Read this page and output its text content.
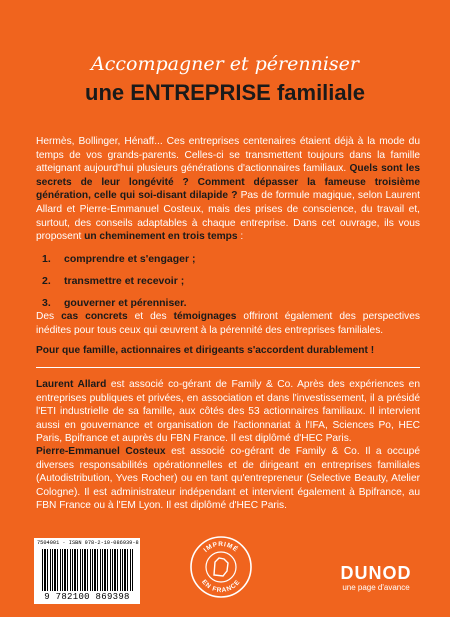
Accompagner et pérenniser
une ENTREPRISE familiale
Hermès, Bollinger, Hénaff... Ces entreprises centenaires étaient déjà à la mode du temps de vos grands-parents. Celles-ci se transmettent toujours dans la famille atteignant aujourd'hui plusieurs générations d'actionnaires familiaux. Quels sont les secrets de leur longévité ? Comment dépasser la fameuse troisième génération, celle qui soi-disant dilapide ? Pas de formule magique, selon Laurent Allard et Pierre-Emmanuel Costeux, mais des prises de conscience, du travail et, surtout, des conseils adaptables à chaque entreprise. Dans cet ouvrage, ils vous proposent un cheminement en trois temps :
1. comprendre et s'engager ;
2. transmettre et recevoir ;
3. gouverner et pérenniser.
Des cas concrets et des témoignages offriront également des perspectives inédites pour tous ceux qui œuvrent à la pérennité des entreprises familiales.
Pour que famille, actionnaires et dirigeants s'accordent durablement !
Laurent Allard est associé co-gérant de Family & Co. Après des expériences en entreprises publiques et privées, en association et dans l'investissement, il a présidé l'ETI industrielle de sa famille, aux côtés des 53 actionnaires familiaux. Il intervient aussi en gouvernance et organisation de l'actionnariat à l'IFA, Sciences Po, HEC Paris, Bpifrance et auprès du FBN France. Il est diplômé d'HEC Paris.
Pierre-Emmanuel Costeux est associé co-gérant de Family & Co. Il a occupé diverses responsabilités opérationnelles et de dirigeant en entreprises familiales (Autodistribution, Yves Rocher) ou en tant qu'entrepreneur (Selective Beauty, Atelier Cologne). Il est administrateur indépendant et intervient également à Bpifrance, au FBN France ou à l'EM Lyon. Il est diplômé d'HEC Paris.
7504001 · ISBN 978-2-10-086939-8
9 782100 869398
IMPRIMÉ
EN FRANCE	DUNOD
une page d'avance
